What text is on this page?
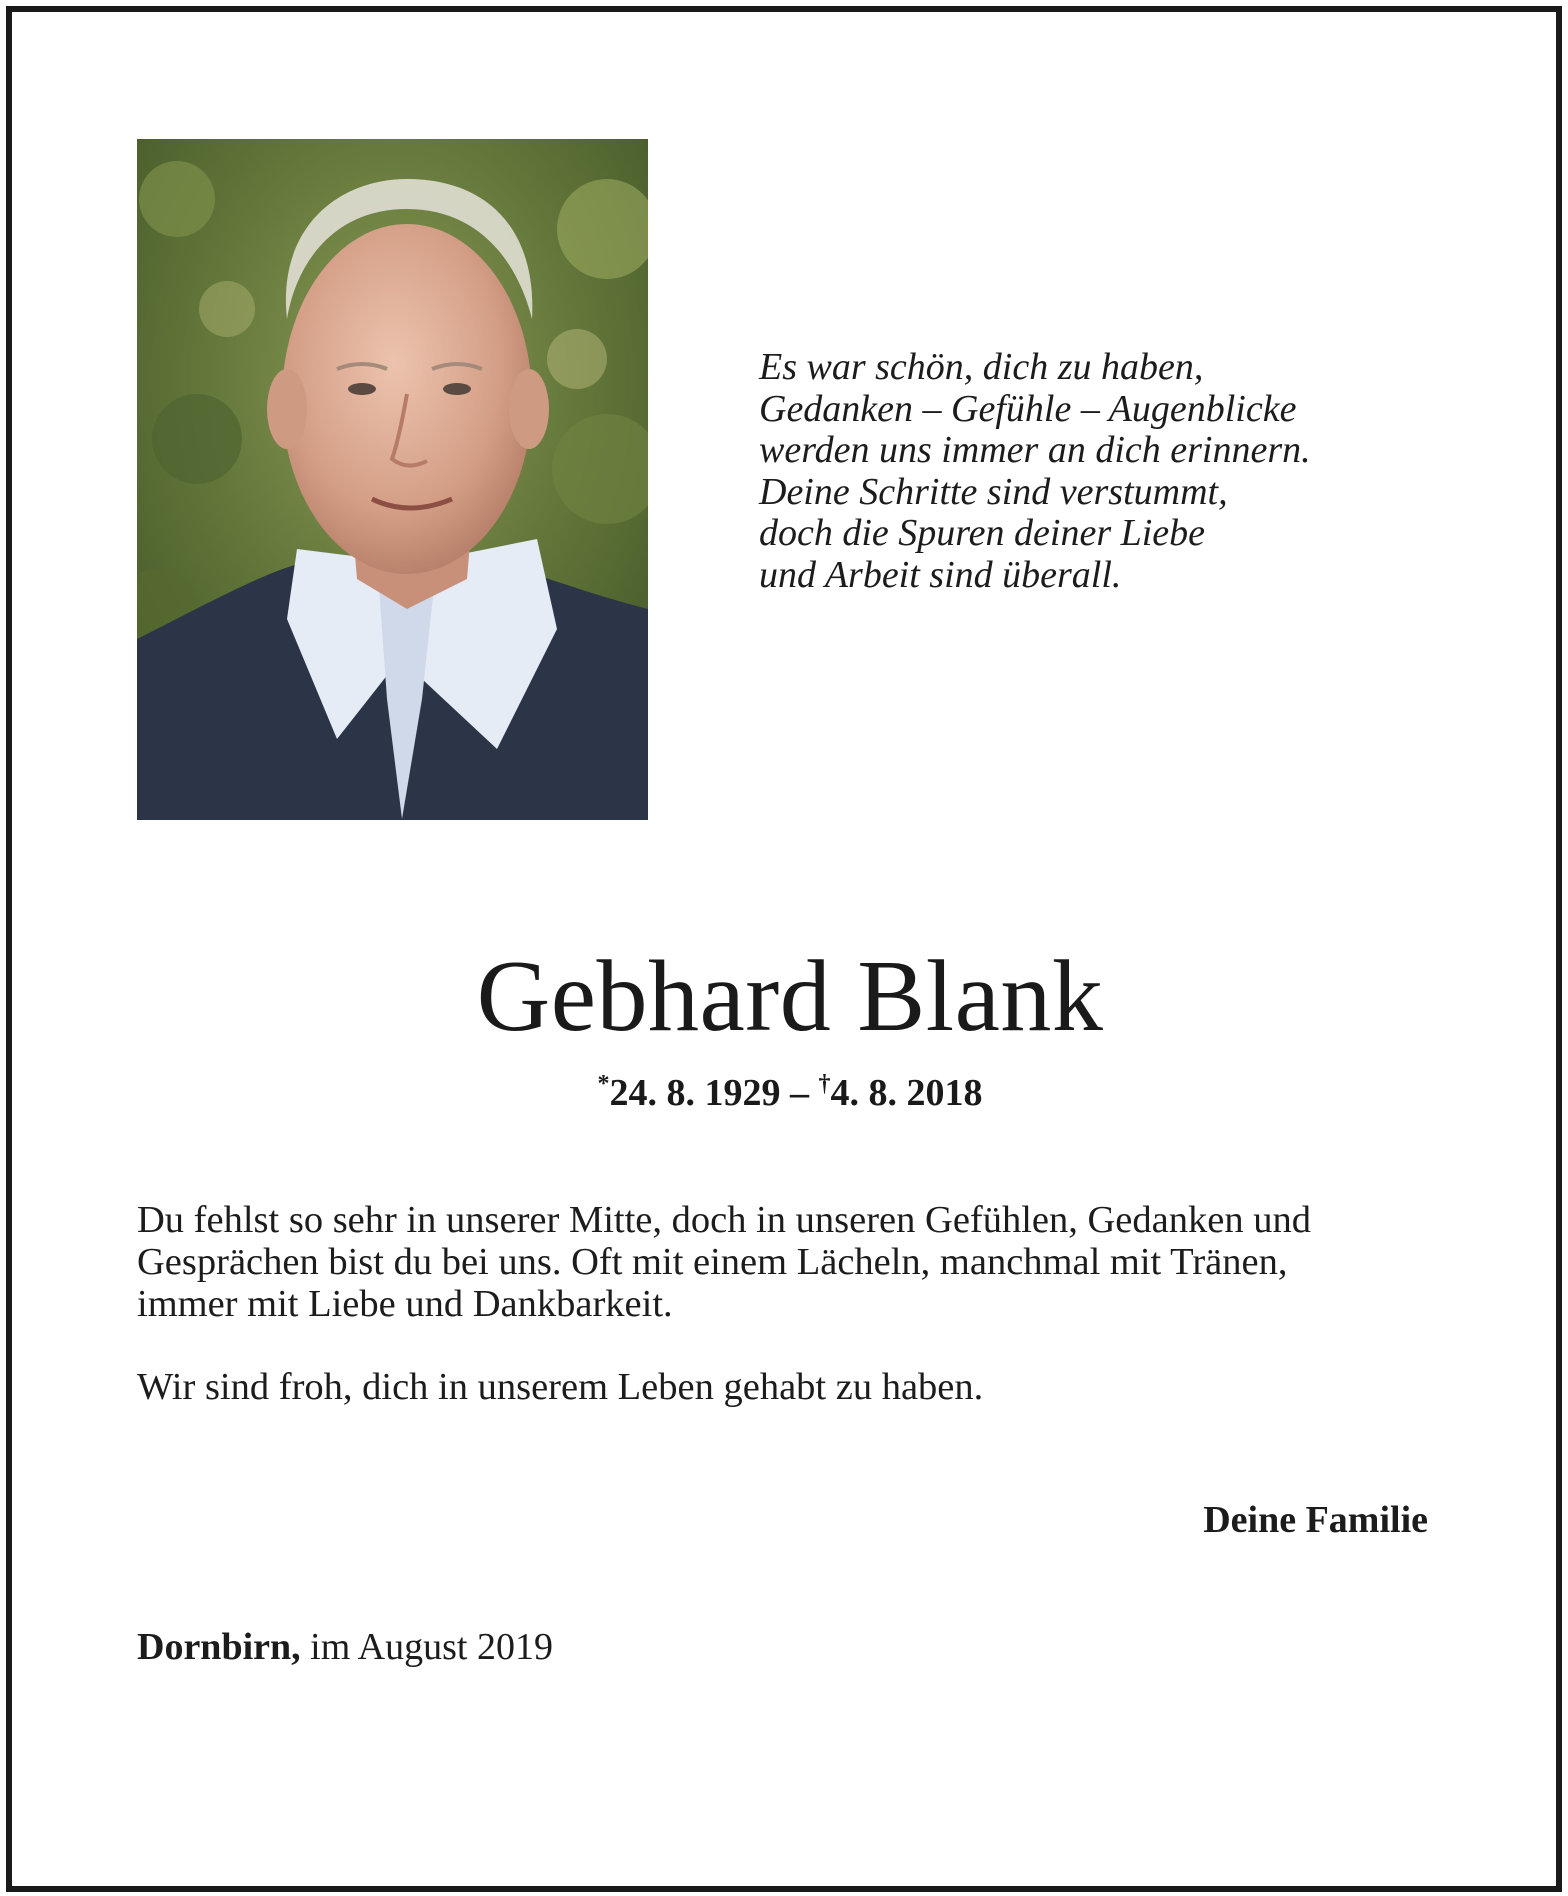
Es war schön, dich zu haben,
Gedanken – Gefühle – Augenblicke
werden uns immer an dich erinnern.
Deine Schritte sind verstummt,
doch die Spuren deiner Liebe
und Arbeit sind überall.
Gebhard Blank
*24. 8. 1929 – †4. 8. 2018
Du fehlst so sehr in unserer Mitte, doch in unseren Gefühlen, Gedanken und
Gesprächen bist du bei uns. Oft mit einem Lächeln, manchmal mit Tränen,
immer mit Liebe und Dankbarkeit.
Wir sind froh, dich in unserem Leben gehabt zu haben.
Deine Familie
Dornbirn, im August 2019
